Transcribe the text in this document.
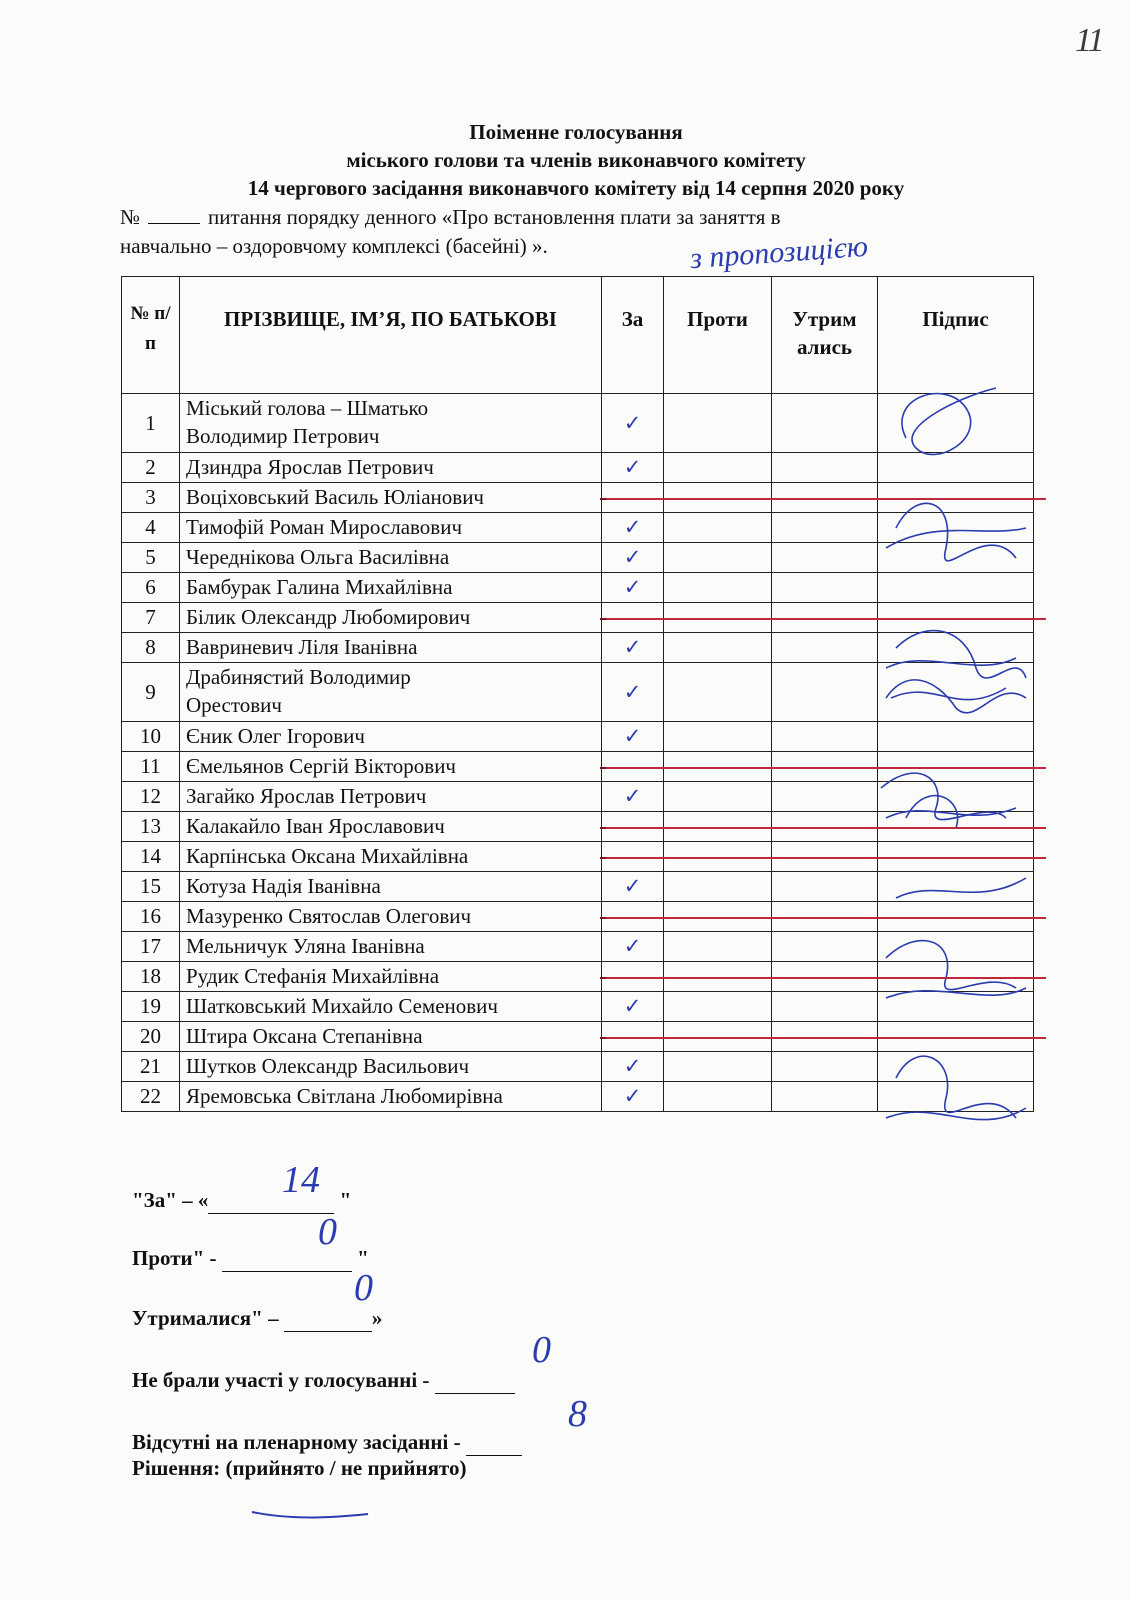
11
Поіменне голосування
міського голови та членів виконавчого комітету
14 чергового засідання виконавчого комітету від 14 серпня 2020 року
№	питання порядку денного «Про встановлення плати за заняття в
навчально – оздоровчому комплексі (басейні) ».	з пропозицією
№ п/п	ПРІЗВИЩЕ, ІМ’Я, ПО БАТЬКОВІ	За	Проти	Утрим ались	Підпис
1	Міський голова – Шматько
Володимир Петрович	✓			
2	Дзиндра Ярослав Петрович	✓			
3	Воціховський Василь Юліанович				
4	Тимофій Роман Мирославович	✓			
5	Череднікова Ольга Василівна	✓			
6	Бамбурак Галина Михайлівна	✓			
7	Білик Олександр Любомирович				
8	Вавриневич Ліля Іванівна	✓			
9	Драбинястий Володимир
Орестович	✓			
10	Єник Олег Ігорович	✓			
11	Ємельянов Сергій Вікторович				
12	Загайко Ярослав Петрович	✓			
13	Калакайло Іван Ярославович				
14	Карпінська Оксана Михайлівна				
15	Котуза Надія Іванівна	✓			
16	Мазуренко Святослав Олегович				
17	Мельничук Уляна Іванівна	✓			
18	Рудик Стефанія Михайлівна				
19	Шатковський Михайло Семенович	✓			
20	Штира Оксана Степанівна				
21	Шутков Олександр Васильович	✓			
22	Яремовська Світлана Любомирівна	✓			
"За" – «	"
14
Проти" -	"
0
Утрималися" –	»
0
Не брали участі у голосуванні -
0
Відсутні на пленарному засіданні -
8
Рішення: (прийнято / не прийнято)
